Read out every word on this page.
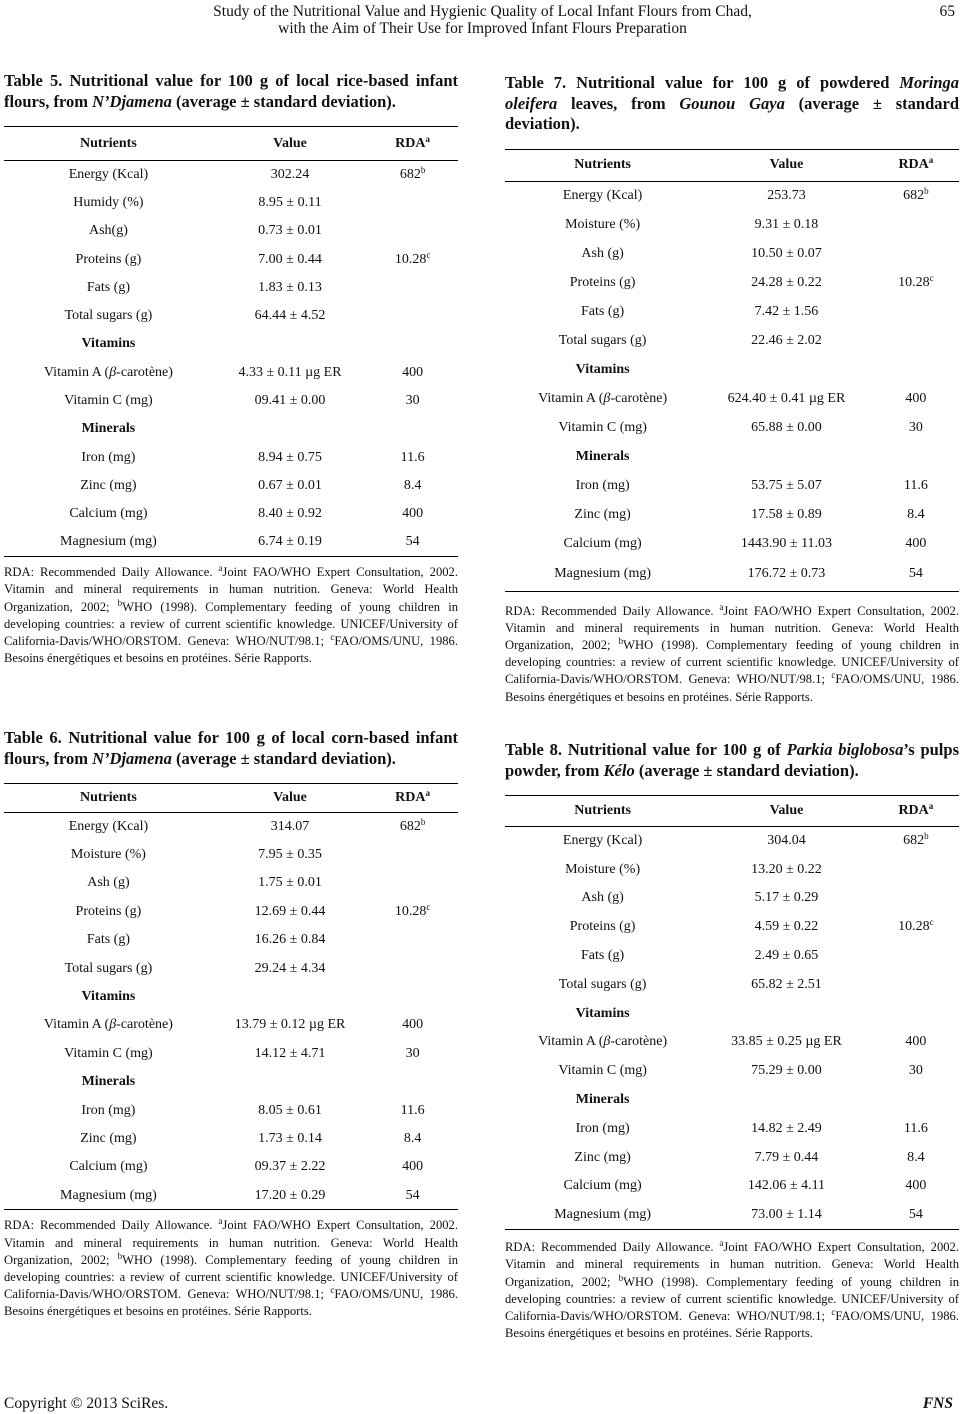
Study of the Nutritional Value and Hygienic Quality of Local Infant Flours from Chad,
with the Aim of Their Use for Improved Infant Flours Preparation
65
Table 5. Nutritional value for 100 g of local rice-based infant flours, from N’Djamena (average ± standard deviation).
Nutrients	Value	RDA$^a$
Energy (Kcal)	302.24	682$^b$
Humidy (%)	8.95 ± 0.11	
Ash(g)	0.73 ± 0.01	
Proteins (g)	7.00 ± 0.44	10.28$^c$
Fats (g)	1.83 ± 0.13	
Total sugars (g)	64.44 ± 4.52	
Vitamins		
Vitamin A (β-carotène)	4.33 ± 0.11 µg ER	400
Vitamin C (mg)	09.41 ± 0.00	30
Minerals		
Iron (mg)	8.94 ± 0.75	11.6
Zinc (mg)	0.67 ± 0.01	8.4
Calcium (mg)	8.40 ± 0.92	400
Magnesium (mg)	6.74 ± 0.19	54
RDA: Recommended Daily Allowance. $^a$Joint FAO/WHO Expert Consultation, 2002. Vitamin and mineral requirements in human nutrition. Geneva: World Health Organization, 2002; $^b$WHO (1998). Complementary feeding of young children in developing countries: a review of current scientific knowledge. UNICEF/University of California-Davis/WHO/ORSTOM. Geneva: WHO/NUT/98.1; $^c$FAO/OMS/UNU, 1986. Besoins énergétiques et besoins en protéines. Série Rapports.
Table 6. Nutritional value for 100 g of local corn-based infant flours, from N’Djamena (average ± standard deviation).
Nutrients	Value	RDA$^a$
Energy (Kcal)	314.07	682$^b$
Moisture (%)	7.95 ± 0.35	
Ash (g)	1.75 ± 0.01	
Proteins (g)	12.69 ± 0.44	10.28$^c$
Fats (g)	16.26 ± 0.84	
Total sugars (g)	29.24 ± 4.34	
Vitamins		
Vitamin A (β-carotène)	13.79 ± 0.12 µg ER	400
Vitamin C (mg)	14.12 ± 4.71	30
Minerals		
Iron (mg)	8.05 ± 0.61	11.6
Zinc (mg)	1.73 ± 0.14	8.4
Calcium (mg)	09.37 ± 2.22	400
Magnesium (mg)	17.20 ± 0.29	54
RDA: Recommended Daily Allowance. $^a$Joint FAO/WHO Expert Consultation, 2002. Vitamin and mineral requirements in human nutrition. Geneva: World Health Organization, 2002; $^b$WHO (1998). Complementary feeding of young children in developing countries: a review of current scientific knowledge. UNICEF/University of California-Davis/WHO/ORSTOM. Geneva: WHO/NUT/98.1; $^c$FAO/OMS/UNU, 1986. Besoins énergétiques et besoins en protéines. Série Rapports.
Table 7. Nutritional value for 100 g of powdered Moringa oleifera leaves, from Gounou Gaya (average ± standard deviation).
Nutrients	Value	RDA$^a$
Energy (Kcal)	253.73	682$^b$
Moisture (%)	9.31 ± 0.18	
Ash (g)	10.50 ± 0.07	
Proteins (g)	24.28 ± 0.22	10.28$^c$
Fats (g)	7.42 ± 1.56	
Total sugars (g)	22.46 ± 2.02	
Vitamins		
Vitamin A (β-carotène)	624.40 ± 0.41 µg ER	400
Vitamin C (mg)	65.88 ± 0.00	30
Minerals		
Iron (mg)	53.75 ± 5.07	11.6
Zinc (mg)	17.58 ± 0.89	8.4
Calcium (mg)	1443.90 ± 11.03	400
Magnesium (mg)	176.72 ± 0.73	54
RDA: Recommended Daily Allowance. $^a$Joint FAO/WHO Expert Consultation, 2002. Vitamin and mineral requirements in human nutrition. Geneva: World Health Organization, 2002; $^b$WHO (1998). Complementary feeding of young children in developing countries: a review of current scientific knowledge. UNICEF/University of California-Davis/WHO/ORSTOM. Geneva: WHO/NUT/98.1; $^c$FAO/OMS/UNU, 1986. Besoins énergétiques et besoins en protéines. Série Rapports.
Table 8. Nutritional value for 100 g of Parkia biglobosa’s pulps powder, from Kélo (average ± standard deviation).
Nutrients	Value	RDA$^a$
Energy (Kcal)	304.04	682$^b$
Moisture (%)	13.20 ± 0.22	
Ash (g)	5.17 ± 0.29	
Proteins (g)	4.59 ± 0.22	10.28$^c$
Fats (g)	2.49 ± 0.65	
Total sugars (g)	65.82 ± 2.51	
Vitamins		
Vitamin A (β-carotène)	33.85 ± 0.25 µg ER	400
Vitamin C (mg)	75.29 ± 0.00	30
Minerals		
Iron (mg)	14.82 ± 2.49	11.6
Zinc (mg)	7.79 ± 0.44	8.4
Calcium (mg)	142.06 ± 4.11	400
Magnesium (mg)	73.00 ± 1.14	54
RDA: Recommended Daily Allowance. $^a$Joint FAO/WHO Expert Consultation, 2002. Vitamin and mineral requirements in human nutrition. Geneva: World Health Organization, 2002; $^b$WHO (1998). Complementary feeding of young children in developing countries: a review of current scientific knowledge. UNICEF/University of California-Davis/WHO/ORSTOM. Geneva: WHO/NUT/98.1; $^c$FAO/OMS/UNU, 1986. Besoins énergétiques et besoins en protéines. Série Rapports.
Copyright © 2013 SciRes.	FNS
